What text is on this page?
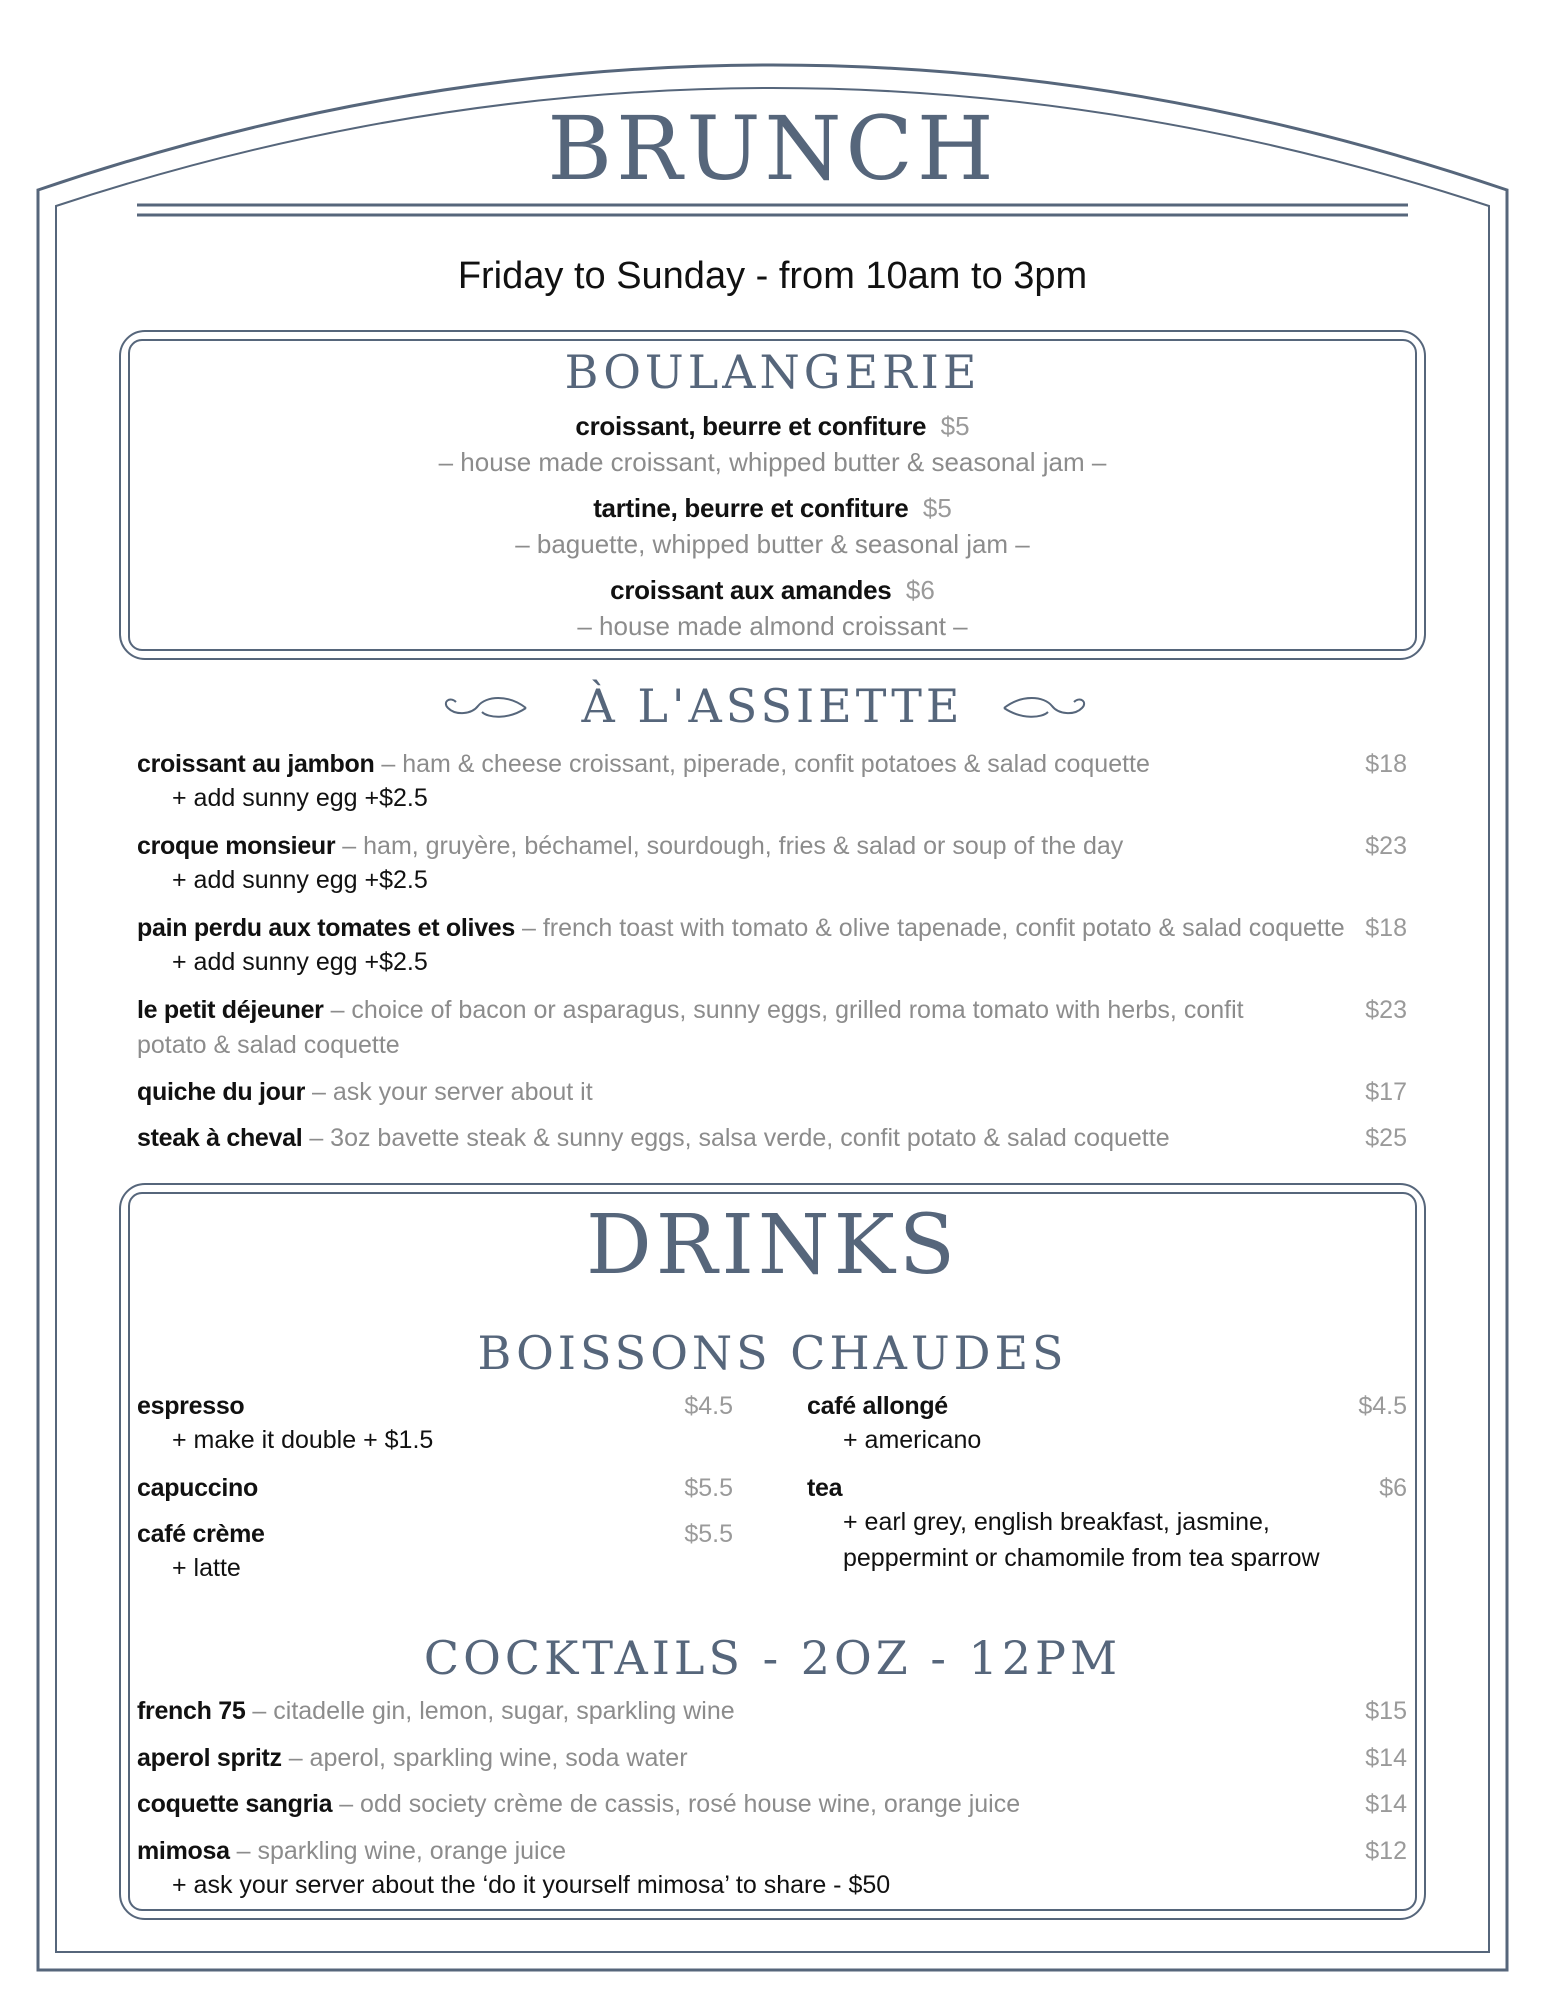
BRUNCH
Friday to Sunday - from 10am to 3pm
BOULANGERIE
croissant, beurre et confiture $5
– house made croissant, whipped butter & seasonal jam –
tartine, beurre et confiture $5
– baguette, whipped butter & seasonal jam –
croissant aux amandes $6
– house made almond croissant –
À L'ASSIETTE
croissant au jambon – ham & cheese croissant, piperade, confit potatoes & salad coquette	$18
+ add sunny egg +$2.5
croque monsieur – ham, gruyère, béchamel, sourdough, fries & salad or soup of the day	$23
+ add sunny egg +$2.5
pain perdu aux tomates et olives – french toast with tomato & olive tapenade, confit potato & salad coquette $18
+ add sunny egg +$2.5
le petit déjeuner – choice of bacon or asparagus, sunny eggs, grilled roma tomato with herbs, confit potato & salad coquette
$23
quiche du jour – ask your server about it	$17
steak à cheval – 3oz bavette steak & sunny eggs, salsa verde, confit potato & salad coquette	$25
DRINKS
BOISSONS CHAUDES
espresso	$4.5
+ make it double + $1.5
capuccino	$5.5
café crème	$5.5
+ latte
café allongé	$4.5
+ americano
tea	$6
+ earl grey, english breakfast, jasmine,
peppermint or chamomile from tea sparrow
COCKTAILS - 2OZ - 12PM
french 75 – citadelle gin, lemon, sugar, sparkling wine	$15
aperol spritz – aperol, sparkling wine, soda water	$14
coquette sangria – odd society crème de cassis, rosé house wine, orange juice	$14
mimosa – sparkling wine, orange juice	$12
+ ask your server about the ‘do it yourself mimosa’ to share - $50
